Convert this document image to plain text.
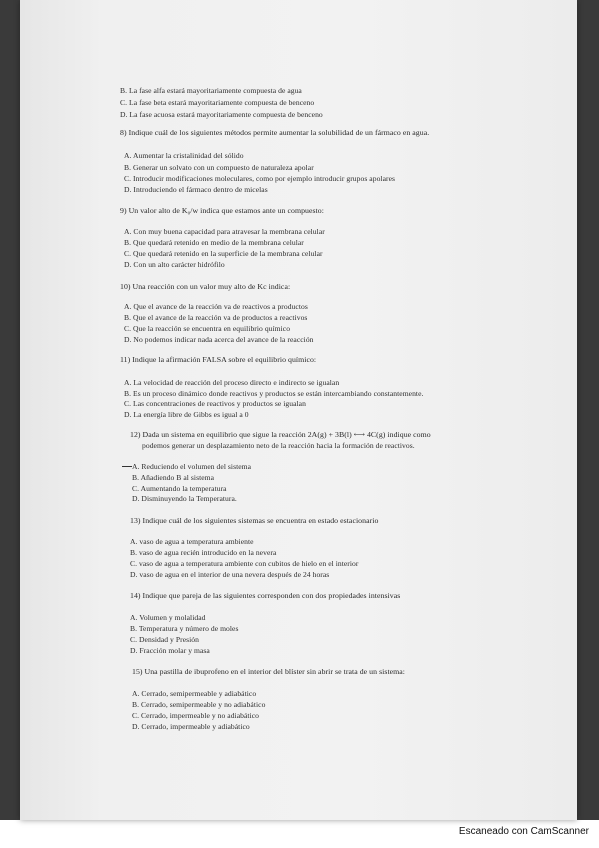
B. La fase alfa estará mayoritariamente compuesta de agua
C. La fase beta estará mayoritariamente compuesta de benceno
D. La fase acuosa estará mayoritariamente compuesta de benceno
8) Indique cuál de los siguientes métodos permite aumentar la solubilidad de un fármaco en agua.
A. Aumentar la cristalinidad del sólido
B. Generar un solvato con un compuesto de naturaleza apolar
C. Introducir modificaciones moleculares, como por ejemplo introducir grupos apolares
D. Introduciendo el fármaco dentro de micelas
9) Un valor alto de K₀/ᴡ indica que estamos ante un compuesto:
A. Con muy buena capacidad para atravesar la membrana celular
B. Que quedará retenido en medio de la membrana celular
C. Que quedará retenido en la superficie de la membrana celular
D. Con un alto carácter hidrófilo
10) Una reacción con un valor muy alto de Kc indica:
A. Que el avance de la reacción va de reactivos a productos
B. Que el avance de la reacción va de productos a reactivos
C. Que la reacción se encuentra en equilibrio químico
D. No podemos indicar nada acerca del avance de la reacción
11) Indique la afirmación FALSA sobre el equilibrio químico:
A. La velocidad de reacción del proceso directo e indirecto se igualan
B. Es un proceso dinámico donde reactivos y productos se están intercambiando constantemente.
C. Las concentraciones de reactivos y productos se igualan
D. La energía libre de Gibbs es igual a 0
12) Dada un sistema en equilibrio que sigue la reacción 2A(g) + 3B(l) ⟷ 4C(g) indique como
podemos generar un desplazamiento neto de la reacción hacia la formación de reactivos.
A. Reduciendo el volumen del sistema
B. Añadiendo B al sistema
C. Aumentando la temperatura
D. Disminuyendo la Temperatura.
13) Indique cuál de los siguientes sistemas se encuentra en estado estacionario
A. vaso de agua a temperatura ambiente
B. vaso de agua recién introducido en la nevera
C. vaso de agua a temperatura ambiente con cubitos de hielo en el interior
D. vaso de agua en el interior de una nevera después de 24 horas
14) Indique que pareja de las siguientes corresponden con dos propiedades intensivas
A. Volumen y molalidad
B. Temperatura y número de moles
C. Densidad y Presión
D. Fracción molar y masa
15) Una pastilla de ibuprofeno en el interior del blíster sin abrir se trata de un sistema:
A. Cerrado, semipermeable y adiabático
B. Cerrado, semipermeable y no adiabático
C. Cerrado, impermeable y no adiabático
D. Cerrado, impermeable y adiabático
Escaneado con CamScanner
